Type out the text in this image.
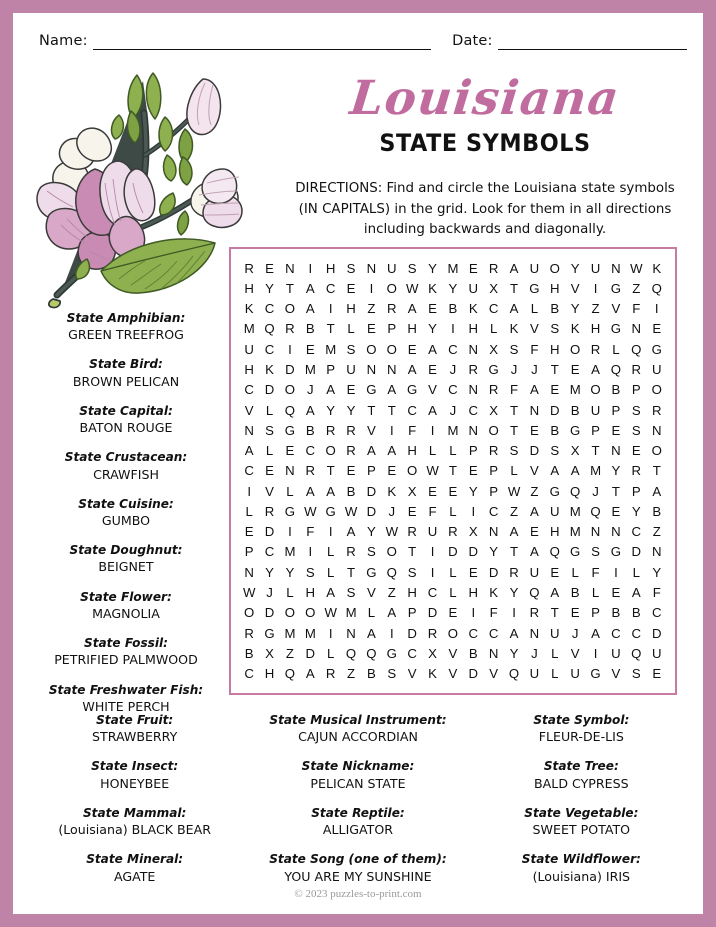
Name:	Date:
Louisiana
STATE SYMBOLS
DIRECTIONS: Find and circle the Louisiana state symbols (IN CAPITALS) in the grid. Look for them in all directions including backwards and diagonally.
R	E	N	I	H	S	N	U	S	Y	M	E	R	A	U	O	Y	U	N	W	K
H	Y	T	A	C	E	I	O	W	K	Y	U	X	T	G	H	V	I	G	Z	Q
K	C	O	A	I	H	Z	R	A	E	B	K	C	A	L	B	Y	Z	V	F	I
M	Q	R	B	T	L	E	P	H	Y	I	H	L	K	V	S	K	H	G	N	E
U	C	I	E	M	S	O	O	E	A	C	N	X	S	F	H	O	R	L	Q	G
H	K	D	M	P	U	N	N	A	E	J	R	G	J	J	T	E	A	Q	R	U
C	D	O	J	A	E	G	A	G	V	C	N	R	F	A	E	M	O	B	P	O
V	L	Q	A	Y	Y	T	T	C	A	J	C	X	T	N	D	B	U	P	S	R
N	S	G	B	R	R	V	I	F	I	M	N	O	T	E	B	G	P	E	S	N
A	L	E	C	O	R	A	A	H	L	L	P	R	S	D	S	X	T	N	E	O
C	E	N	R	T	E	P	E	O	W	T	E	P	L	V	A	A	M	Y	R	T
I	V	L	A	A	B	D	K	X	E	E	Y	P	W	Z	G	Q	J	T	P	A
L	R	G	W	G	W	D	J	E	F	L	I	C	Z	A	U	M	Q	E	Y	B
E	D	I	F	I	A	Y	W	R	U	R	X	N	A	E	H	M	N	N	C	Z
P	C	M	I	L	R	S	O	T	I	D	D	Y	T	A	Q	G	S	G	D	N
N	Y	Y	S	L	T	G	Q	S	I	L	E	D	R	U	E	L	F	I	L	Y
W	J	L	H	A	S	V	Z	H	C	L	H	K	Y	Q	A	B	L	E	A	F
O	D	O	O	W	M	L	A	P	D	E	I	F	I	R	T	E	P	B	B	C
R	G	M	M	I	N	A	I	D	R	O	C	C	A	N	U	J	A	C	C	D
B	X	Z	D	L	Q	Q	G	C	X	V	B	N	Y	J	L	V	I	U	Q	U
C	H	Q	A	R	Z	B	S	V	K	V	D	V	Q	U	L	U	G	V	S	E
State Amphibian:
GREEN TREEFROG
State Bird:
BROWN PELICAN
State Capital:
BATON ROUGE
State Crustacean:
CRAWFISH
State Cuisine:
GUMBO
State Doughnut:
BEIGNET
State Flower:
MAGNOLIA
State Fossil:
PETRIFIED PALMWOOD
State Freshwater Fish:
WHITE PERCH
State Fruit:
STRAWBERRY
State Insect:
HONEYBEE
State Mammal:
(Louisiana) BLACK BEAR
State Mineral:
AGATE
State Musical Instrument:
CAJUN ACCORDIAN
State Nickname:
PELICAN STATE
State Reptile:
ALLIGATOR
State Song (one of them):
YOU ARE MY SUNSHINE
State Symbol:
FLEUR-DE-LIS
State Tree:
BALD CYPRESS
State Vegetable:
SWEET POTATO
State Wildflower:
(Louisiana) IRIS
© 2023 puzzles-to-print.com
